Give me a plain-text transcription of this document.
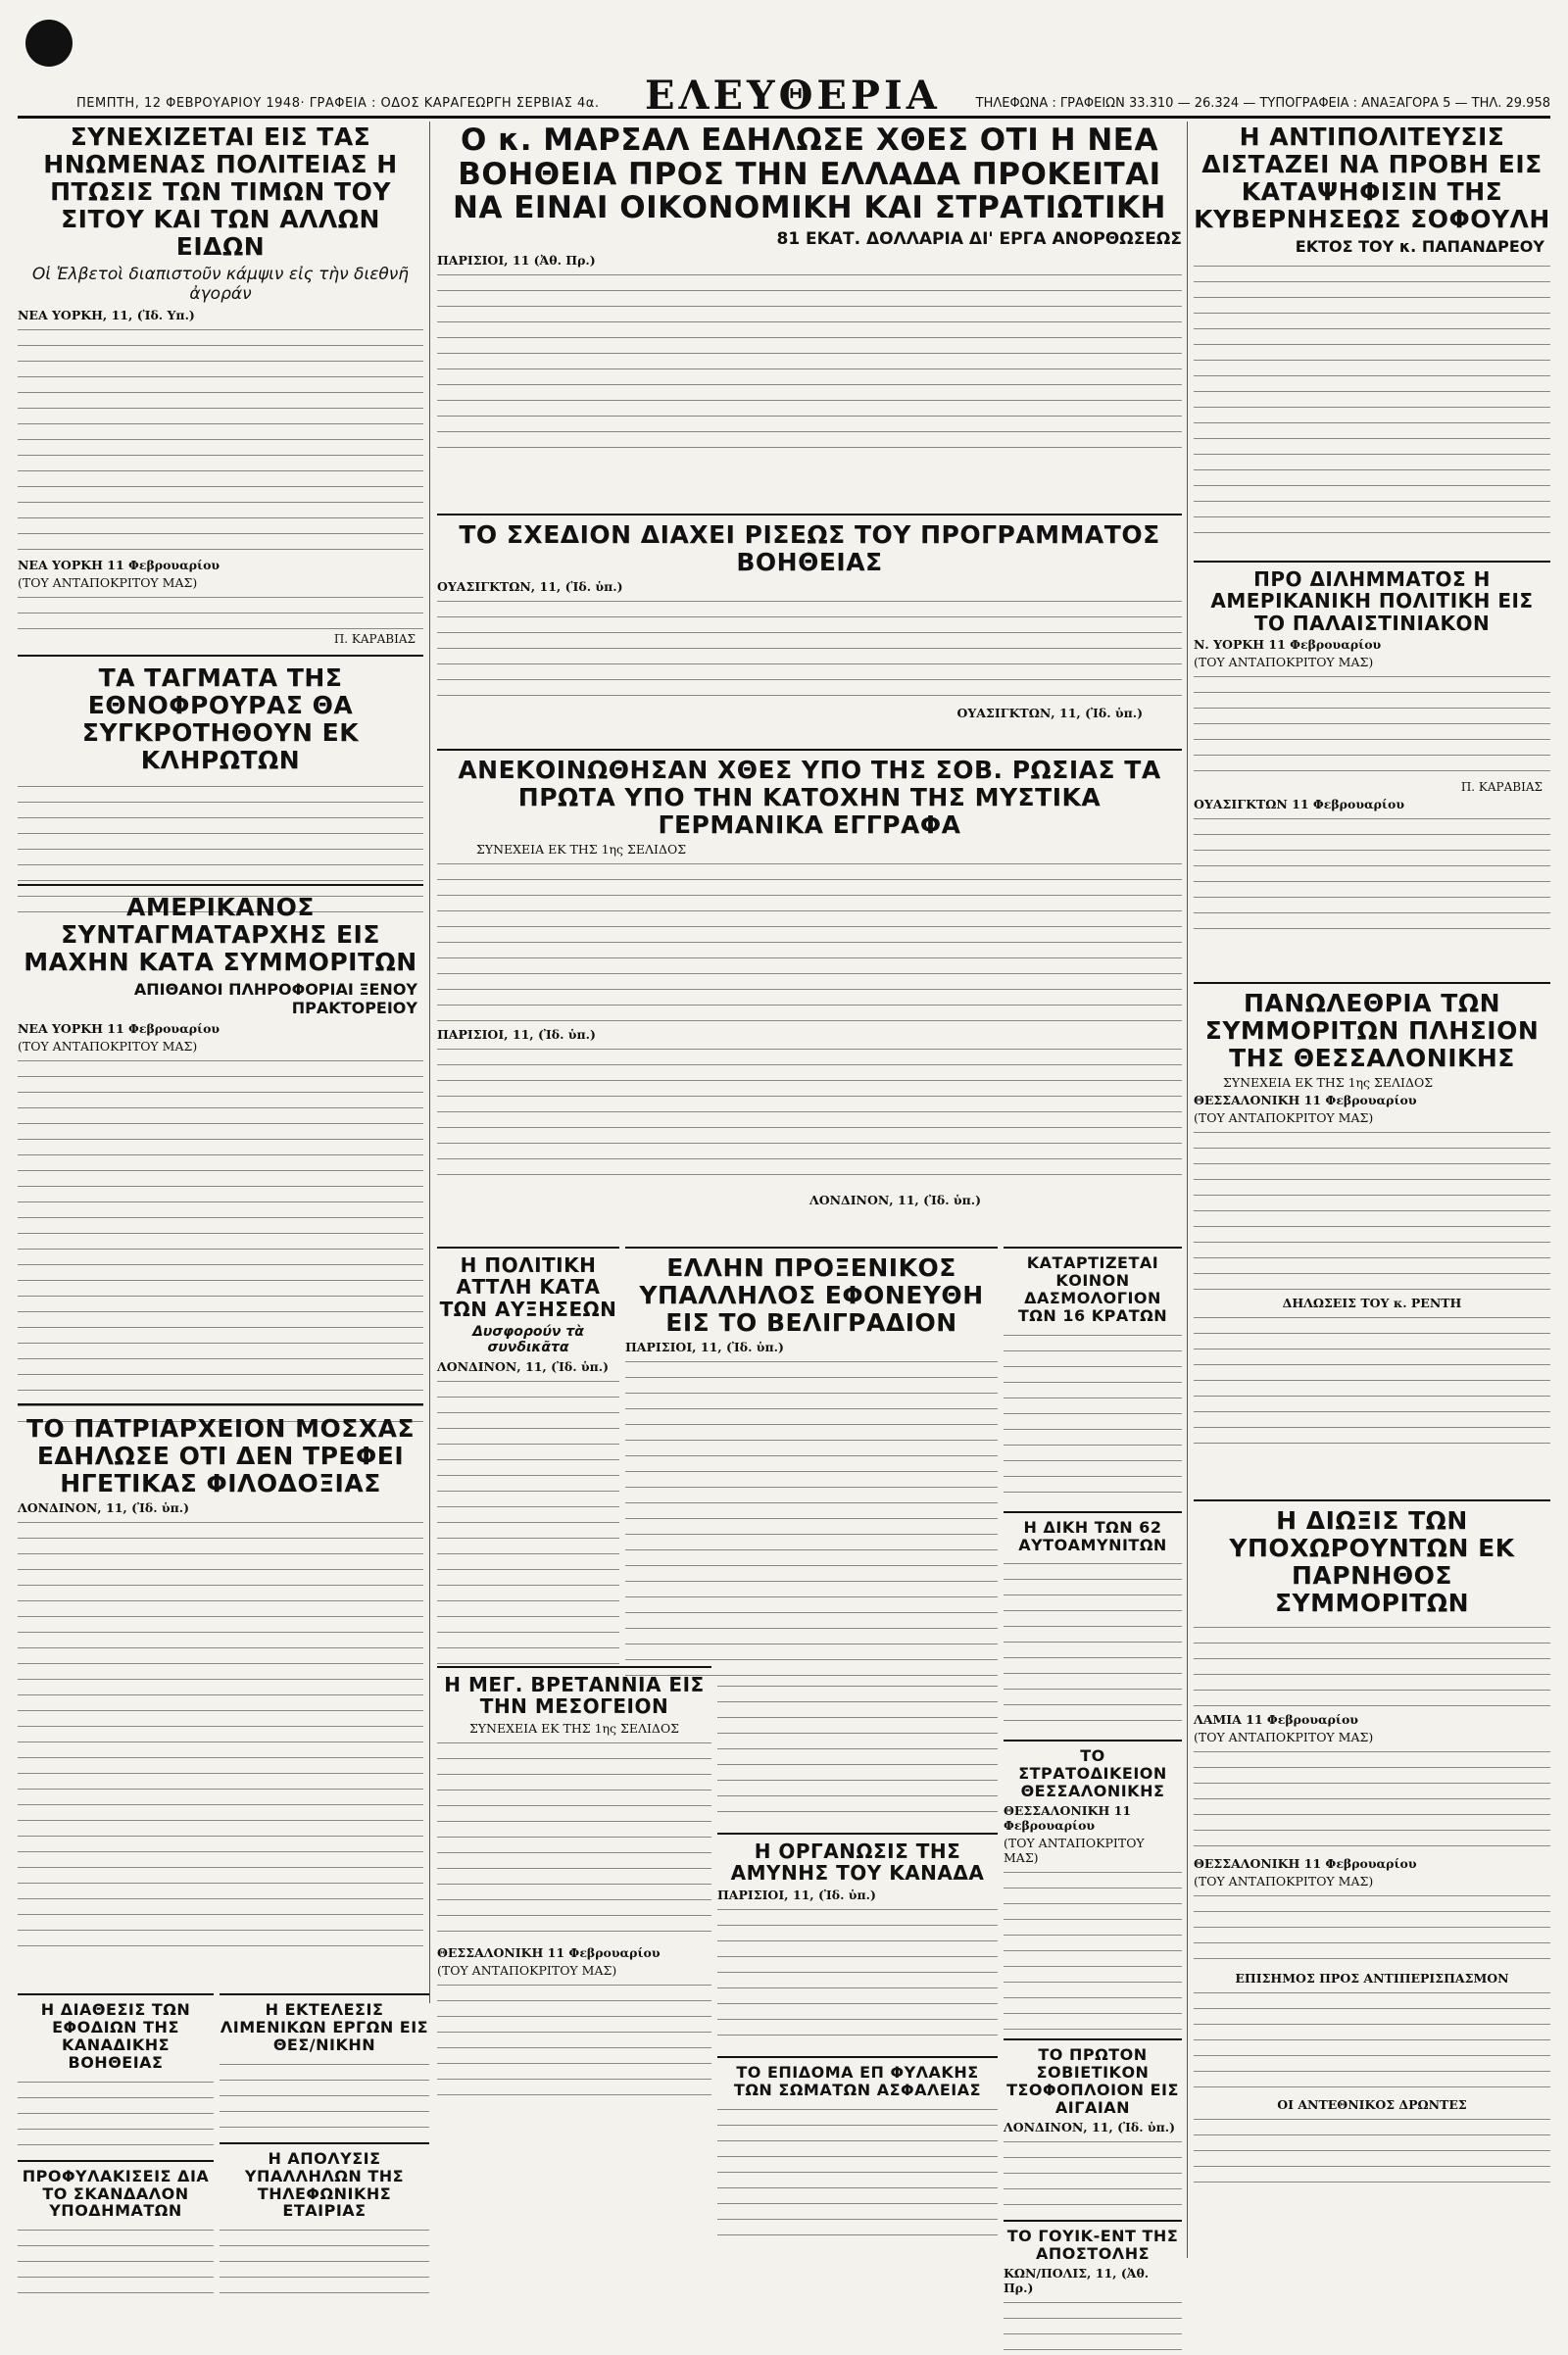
ΠΕΜΠΤΗ, 12 ΦΕΒΡΟΥΑΡΙΟΥ 1948· ΓΡΑΦΕΙΑ : ΟΔΟΣ ΚΑΡΑΓΕΩΡΓΗ ΣΕΡΒΙΑΣ 4α. ΕΛΕΥΘΕΡΙΑ	ΤΗΛΕΦΩΝΑ : ΓΡΑΦΕΙΩΝ 33.310 — 26.324 — ΤΥΠΟΓΡΑΦΕΙΑ : ΑΝΑΞΑΓΟΡΑ 5 — ΤΗΛ. 29.958
ΣΥΝΕΧΙΖΕΤΑΙ ΕΙΣ ΤΑΣ ΗΝΩΜΕΝΑΣ ΠΟΛΙΤΕΙΑΣ Η ΠΤΩΣΙΣ ΤΩΝ ΤΙΜΩΝ ΤΟΥ ΣΙΤΟΥ ΚΑΙ ΤΩΝ ΑΛΛΩΝ ΕΙΔΩΝ
Οἱ Ἑλβετοὶ διαπιστοῦν κάμψιν εἰς τὴν διεθνῆ ἀγοράν
ΝΕΑ ΥΟΡΚΗ, 11, (Ἰδ. Υπ.)
ΝΕΑ ΥΟΡΚΗ 11 Φεβρουαρίου
(ΤΟΥ ΑΝΤΑΠΟΚΡΙΤΟΥ ΜΑΣ)
Π. ΚΑΡΑΒΙΑΣ
ΤΑ ΤΑΓΜΑΤΑ ΤΗΣ ΕΘΝΟΦΡΟΥΡΑΣ ΘΑ ΣΥΓΚΡΟΤΗΘΟΥΝ ΕΚ ΚΛΗΡΩΤΩΝ
ΑΜΕΡΙΚΑΝΟΣ ΣΥΝΤΑΓΜΑΤΑΡΧΗΣ ΕΙΣ ΜΑΧΗΝ ΚΑΤΑ ΣΥΜΜΟΡΙΤΩΝ
ΑΠΙΘΑΝΟΙ ΠΛΗΡΟΦΟΡΙΑΙ ΞΕΝΟΥ ΠΡΑΚΤΟΡΕΙΟΥ
ΝΕΑ ΥΟΡΚΗ 11 Φεβρουαρίου
(ΤΟΥ ΑΝΤΑΠΟΚΡΙΤΟΥ ΜΑΣ)
ΤΟ ΠΑΤΡΙΑΡΧΕΙΟΝ ΜΟΣΧΑΣ ΕΔΗΛΩΣΕ ΟΤΙ ΔΕΝ ΤΡΕΦΕΙ ΗΓΕΤΙΚΑΣ ΦΙΛΟΔΟΞΙΑΣ
ΛΟΝΔΙΝΟΝ, 11, (Ἰδ. ὑπ.)
Ο κ. ΜΑΡΣΑΛ ΕΔΗΛΩΣΕ ΧΘΕΣ ΟΤΙ Η ΝΕΑ ΒΟΗΘΕΙΑ ΠΡΟΣ ΤΗΝ ΕΛΛΑΔΑ ΠΡΟΚΕΙΤΑΙ ΝΑ ΕΙΝΑΙ ΟΙΚΟΝΟΜΙΚΗ ΚΑΙ ΣΤΡΑΤΙΩΤΙΚΗ
81 ΕΚΑΤ. ΔΟΛΛΑΡΙΑ ΔΙ' ΕΡΓΑ ΑΝΟΡΘΩΣΕΩΣ
ΠΑΡΙΣΙΟΙ, 11 (Ἀθ. Πρ.)
ΤΟ ΣΧΕΔΙΟΝ ΔΙΑΧΕΙ ΡΙΣΕΩΣ ΤΟΥ ΠΡΟΓΡΑΜΜΑΤΟΣ ΒΟΗΘΕΙΑΣ
ΟΥΑΣΙΓΚΤΩΝ, 11, (Ἰδ. ὑπ.)
ΟΥΑΣΙΓΚΤΩΝ, 11, (Ἰδ. ὑπ.)
ΑΝΕΚΟΙΝΩΘΗΣΑΝ ΧΘΕΣ ΥΠΟ ΤΗΣ ΣΟΒ. ΡΩΣΙΑΣ ΤΑ ΠΡΩΤΑ ΥΠΟ ΤΗΝ ΚΑΤΟΧΗΝ ΤΗΣ ΜΥΣΤΙΚΑ ΓΕΡΜΑΝΙΚΑ ΕΓΓΡΑΦΑ
ΣΥΝΕΧΕΙΑ ΕΚ ΤΗΣ 1ης ΣΕΛΙΔΟΣ
ΠΑΡΙΣΙΟΙ, 11, (Ἰδ. ὑπ.)
ΛΟΝΔΙΝΟΝ, 11, (Ἰδ. ὑπ.)
Η ΠΟΛΙΤΙΚΗ ΑΤΤΛΗ ΚΑΤΑ ΤΩΝ ΑΥΞΗΣΕΩΝ
Δυσφορούν τὰ συνδικᾶτα
ΛΟΝΔΙΝΟΝ, 11, (Ἰδ. ὑπ.)
ΕΛΛΗΝ ΠΡΟΞΕΝΙΚΟΣ ΥΠΑΛΛΗΛΟΣ ΕΦΟΝΕΥΘΗ ΕΙΣ ΤΟ ΒΕΛΙΓΡΑΔΙΟΝ
ΠΑΡΙΣΙΟΙ, 11, (Ἰδ. ὑπ.)
ΚΑΤΑΡΤΙΖΕΤΑΙ ΚΟΙΝΟΝ ΔΑΣΜΟΛΟΓΙΟΝ ΤΩΝ 16 ΚΡΑΤΩΝ
Η ΔΙΚΗ ΤΩΝ 62 ΑΥΤΟΑΜΥΝΙΤΩΝ
ΤΟ ΣΤΡΑΤΟΔΙΚΕΙΟΝ ΘΕΣΣΑΛΟΝΙΚΗΣ
ΘΕΣΣΑΛΟΝΙΚΗ 11 Φεβρουαρίου
(ΤΟΥ ΑΝΤΑΠΟΚΡΙΤΟΥ ΜΑΣ)
ΤΟ ΠΡΩΤΟΝ ΣΟΒΙΕΤΙΚΟΝ ΤΣΟΦΟΠΛΟΙΟΝ ΕΙΣ ΑΙΓΑΙΑΝ
ΛΟΝΔΙΝΟΝ, 11, (Ἰδ. ὑπ.)
ΤΟ ΓΟΥΙΚ-ΕΝΤ ΤΗΣ ΑΠΟΣΤΟΛΗΣ
ΚΩΝ/ΠΟΛΙΣ, 11, (Ἀθ. Πρ.)
Η ΜΕΓ. ΒΡΕΤΑΝΝΙΑ ΕΙΣ ΤΗΝ ΜΕΣΟΓΕΙΟΝ
ΣΥΝΕΧΕΙΑ ΕΚ ΤΗΣ 1ης ΣΕΛΙΔΟΣ
ΘΕΣΣΑΛΟΝΙΚΗ 11 Φεβρουαρίου
(ΤΟΥ ΑΝΤΑΠΟΚΡΙΤΟΥ ΜΑΣ)
Η ΟΡΓΑΝΩΣΙΣ ΤΗΣ ΑΜΥΝΗΣ ΤΟΥ ΚΑΝΑΔΑ
ΠΑΡΙΣΙΟΙ, 11, (Ἰδ. ὑπ.)
ΤΟ ΕΠΙΔΟΜΑ ΕΠ ΦΥΛΑΚΗΣ ΤΩΝ ΣΩΜΑΤΩΝ ΑΣΦΑΛΕΙΑΣ
Η ΔΙΑΘΕΣΙΣ ΤΩΝ ΕΦΟΔΙΩΝ ΤΗΣ ΚΑΝΑΔΙΚΗΣ ΒΟΗΘΕΙΑΣ
ΠΡΟΦΥΛΑΚΙΣΕΙΣ ΔΙΑ ΤΟ ΣΚΑΝΔΑΛΟΝ ΥΠΟΔΗΜΑΤΩΝ
Η ΕΚΤΕΛΕΣΙΣ ΛΙΜΕΝΙΚΩΝ ΕΡΓΩΝ ΕΙΣ ΘΕΣ/ΝΙΚΗΝ
Η ΑΠΟΛΥΣΙΣ ΥΠΑΛΛΗΛΩΝ ΤΗΣ ΤΗΛΕΦΩΝΙΚΗΣ ΕΤΑΙΡΙΑΣ
Η ΑΝΤΙΠΟΛΙΤΕΥΣΙΣ ΔΙΣΤΑΖΕΙ ΝΑ ΠΡΟΒΗ ΕΙΣ ΚΑΤΑΨΗΦΙΣΙΝ ΤΗΣ ΚΥΒΕΡΝΗΣΕΩΣ ΣΟΦΟΥΛΗ
ΕΚΤΟΣ ΤΟΥ κ. ΠΑΠΑΝΔΡΕΟΥ
ΠΡΟ ΔΙΛΗΜΜΑΤΟΣ Η ΑΜΕΡΙΚΑΝΙΚΗ ΠΟΛΙΤΙΚΗ ΕΙΣ ΤΟ ΠΑΛΑΙΣΤΙΝΙΑΚΟΝ
Ν. ΥΟΡΚΗ 11 Φεβρουαρίου
(ΤΟΥ ΑΝΤΑΠΟΚΡΙΤΟΥ ΜΑΣ)
Π. ΚΑΡΑΒΙΑΣ
ΟΥΑΣΙΓΚΤΩΝ 11 Φεβρουαρίου
ΠΑΝΩΛΕΘΡΙΑ ΤΩΝ ΣΥΜΜΟΡΙΤΩΝ ΠΛΗΣΙΟΝ ΤΗΣ ΘΕΣΣΑΛΟΝΙΚΗΣ
ΣΥΝΕΧΕΙΑ ΕΚ ΤΗΣ 1ης ΣΕΛΙΔΟΣ
ΘΕΣΣΑΛΟΝΙΚΗ 11 Φεβρουαρίου
(ΤΟΥ ΑΝΤΑΠΟΚΡΙΤΟΥ ΜΑΣ)
ΔΗΛΩΣΕΙΣ ΤΟΥ κ. ΡΕΝΤΗ
Η ΔΙΩΞΙΣ ΤΩΝ ΥΠΟΧΩΡΟΥΝΤΩΝ ΕΚ ΠΑΡΝΗΘΟΣ ΣΥΜΜΟΡΙΤΩΝ
ΛΑΜΙΑ 11 Φεβρουαρίου
(ΤΟΥ ΑΝΤΑΠΟΚΡΙΤΟΥ ΜΑΣ)
ΘΕΣΣΑΛΟΝΙΚΗ 11 Φεβρουαρίου
(ΤΟΥ ΑΝΤΑΠΟΚΡΙΤΟΥ ΜΑΣ)
ΕΠΙΣΗΜΟΣ ΠΡΟΣ ΑΝΤΙΠΕΡΙΣΠΑΣΜΟΝ
ΟΙ ΑΝΤΕΘΝΙΚΟΣ ΔΡΩΝΤΕΣ
